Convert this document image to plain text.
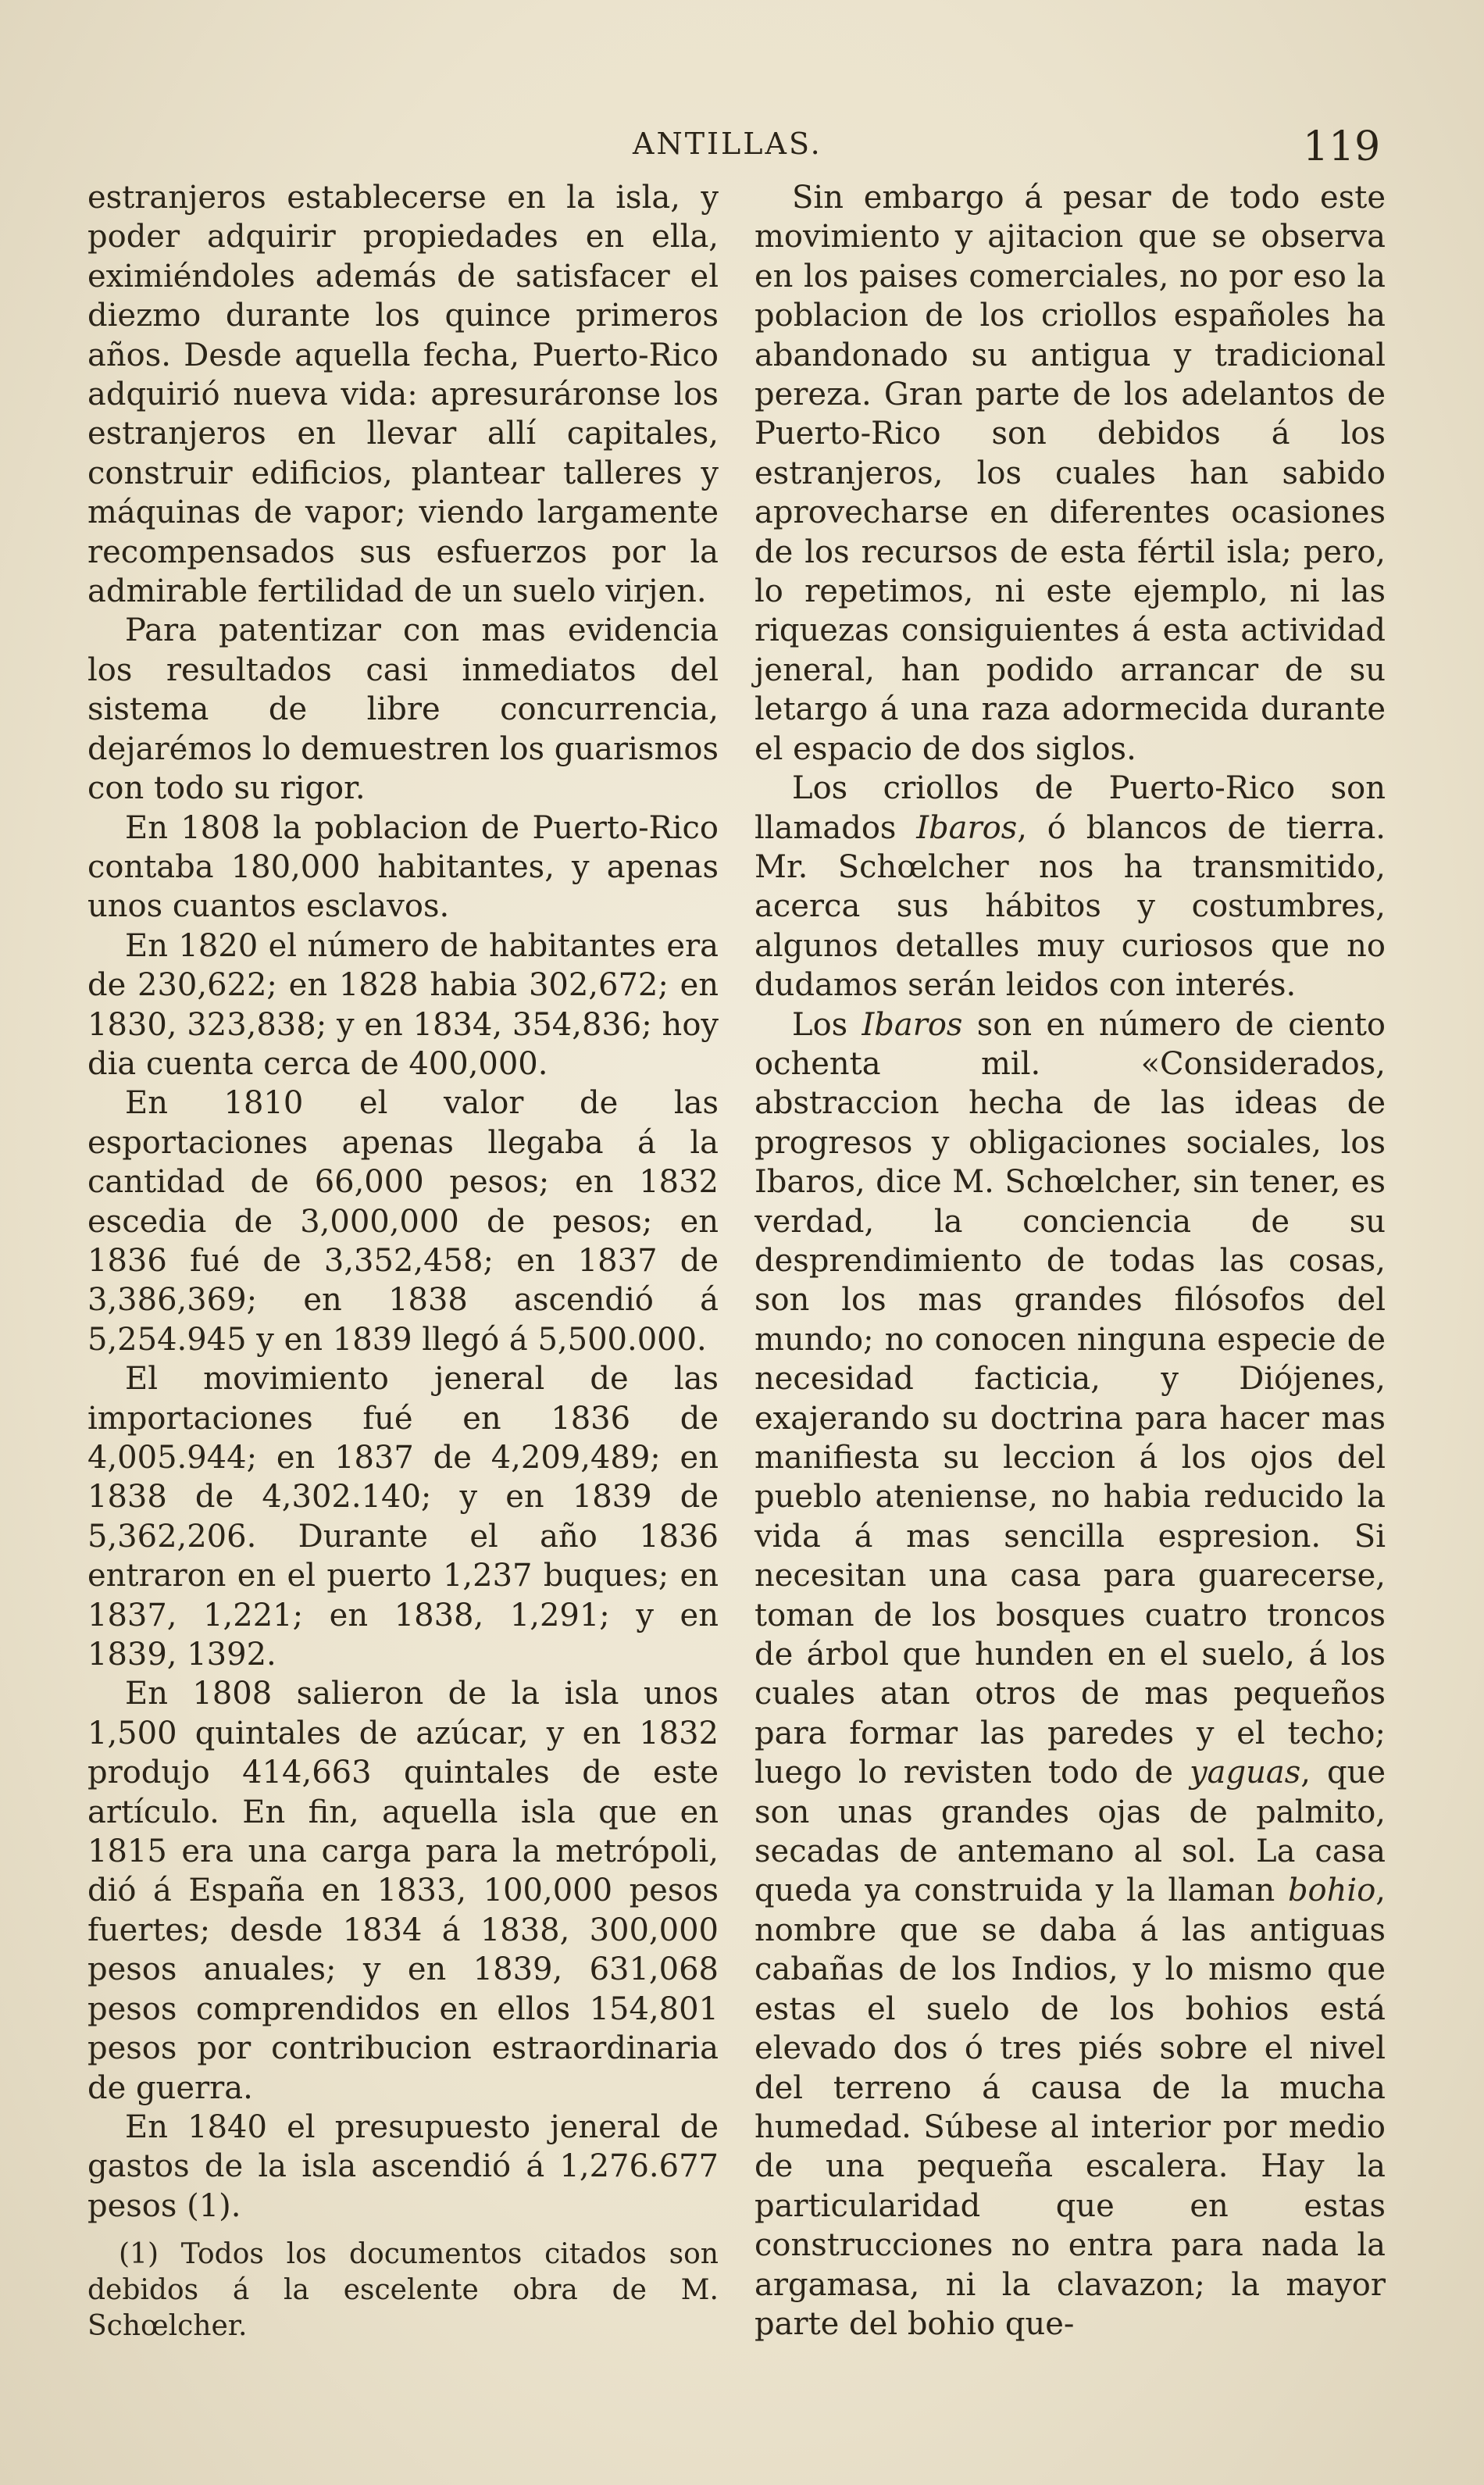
ANTILLAS.	119

estranjeros establecerse en la isla, y poder adquirir propiedades en ella, eximiéndoles además de satisfacer el diezmo durante los quince primeros años. Desde aquella fecha, Puerto-Rico adquirió nueva vida: apresuráronse los estranjeros en llevar allí capitales, construir edificios, plantear talleres y máquinas de vapor; viendo largamente recompensados sus esfuerzos por la admirable fertilidad de un suelo virjen.

Para patentizar con mas evidencia los resultados casi inmediatos del sistema de libre concurrencia, dejarémos lo demuestren los guarismos con todo su rigor.

En 1808 la poblacion de Puerto-Rico contaba 180,000 habitantes, y apenas unos cuantos esclavos.

En 1820 el número de habitantes era de 230,622; en 1828 habia 302,672; en 1830, 323,838; y en 1834, 354,836; hoy dia cuenta cerca de 400,000.

En 1810 el valor de las esportaciones apenas llegaba á la cantidad de 66,000 pesos; en 1832 escedia de 3,000,000 de pesos; en 1836 fué de 3,352,458; en 1837 de 3,386,369; en 1838 ascendió á 5,254.945 y en 1839 llegó á 5,500.000.

El movimiento jeneral de las importaciones fué en 1836 de 4,005.944; en 1837 de 4,209,489; en 1838 de 4,302.140; y en 1839 de 5,362,206. Durante el año 1836 entraron en el puerto 1,237 buques; en 1837, 1,221; en 1838, 1,291; y en 1839, 1392.

En 1808 salieron de la isla unos 1,500 quintales de azúcar, y en 1832 produjo 414,663 quintales de este artículo. En fin, aquella isla que en 1815 era una carga para la metrópoli, dió á España en 1833, 100,000 pesos fuertes; desde 1834 á 1838, 300,000 pesos anuales; y en 1839, 631,068 pesos comprendidos en ellos 154,801 pesos por contribucion estraordinaria de guerra.

En 1840 el presupuesto jeneral de gastos de la isla ascendió á 1,276.677 pesos (1).

(1) Todos los documentos citados son debidos á la escelente obra de M. Schœlcher.

Sin embargo á pesar de todo este movimiento y ajitacion que se observa en los paises comerciales, no por eso la poblacion de los criollos españoles ha abandonado su antigua y tradicional pereza. Gran parte de los adelantos de Puerto-Rico son debidos á los estranjeros, los cuales han sabido aprovecharse en diferentes ocasiones de los recursos de esta fértil isla; pero, lo repetimos, ni este ejemplo, ni las riquezas consiguientes á esta actividad jeneral, han podido arrancar de su letargo á una raza adormecida durante el espacio de dos siglos.

Los criollos de Puerto-Rico son llamados Ibaros, ó blancos de tierra. Mr. Schœlcher nos ha transmitido, acerca sus hábitos y costumbres, algunos detalles muy curiosos que no dudamos serán leidos con interés.

Los Ibaros son en número de ciento ochenta mil. «Considerados, abstraccion hecha de las ideas de progresos y obligaciones sociales, los Ibaros, dice M. Schœlcher, sin tener, es verdad, la conciencia de su desprendimiento de todas las cosas, son los mas grandes filósofos del mundo; no conocen ninguna especie de necesidad facticia, y Diójenes, exajerando su doctrina para hacer mas manifiesta su leccion á los ojos del pueblo ateniense, no habia reducido la vida á mas sencilla espresion. Si necesitan una casa para guarecerse, toman de los bosques cuatro troncos de árbol que hunden en el suelo, á los cuales atan otros de mas pequeños para formar las paredes y el techo; luego lo revisten todo de yaguas, que son unas grandes ojas de palmito, secadas de antemano al sol. La casa queda ya construida y la llaman bohio, nombre que se daba á las antiguas cabañas de los Indios, y lo mismo que estas el suelo de los bohios está elevado dos ó tres piés sobre el nivel del terreno á causa de la mucha humedad. Súbese al interior por medio de una pequeña escalera. Hay la particularidad que en estas construcciones no entra para nada la argamasa, ni la clavazon; la mayor parte del bohio que-
